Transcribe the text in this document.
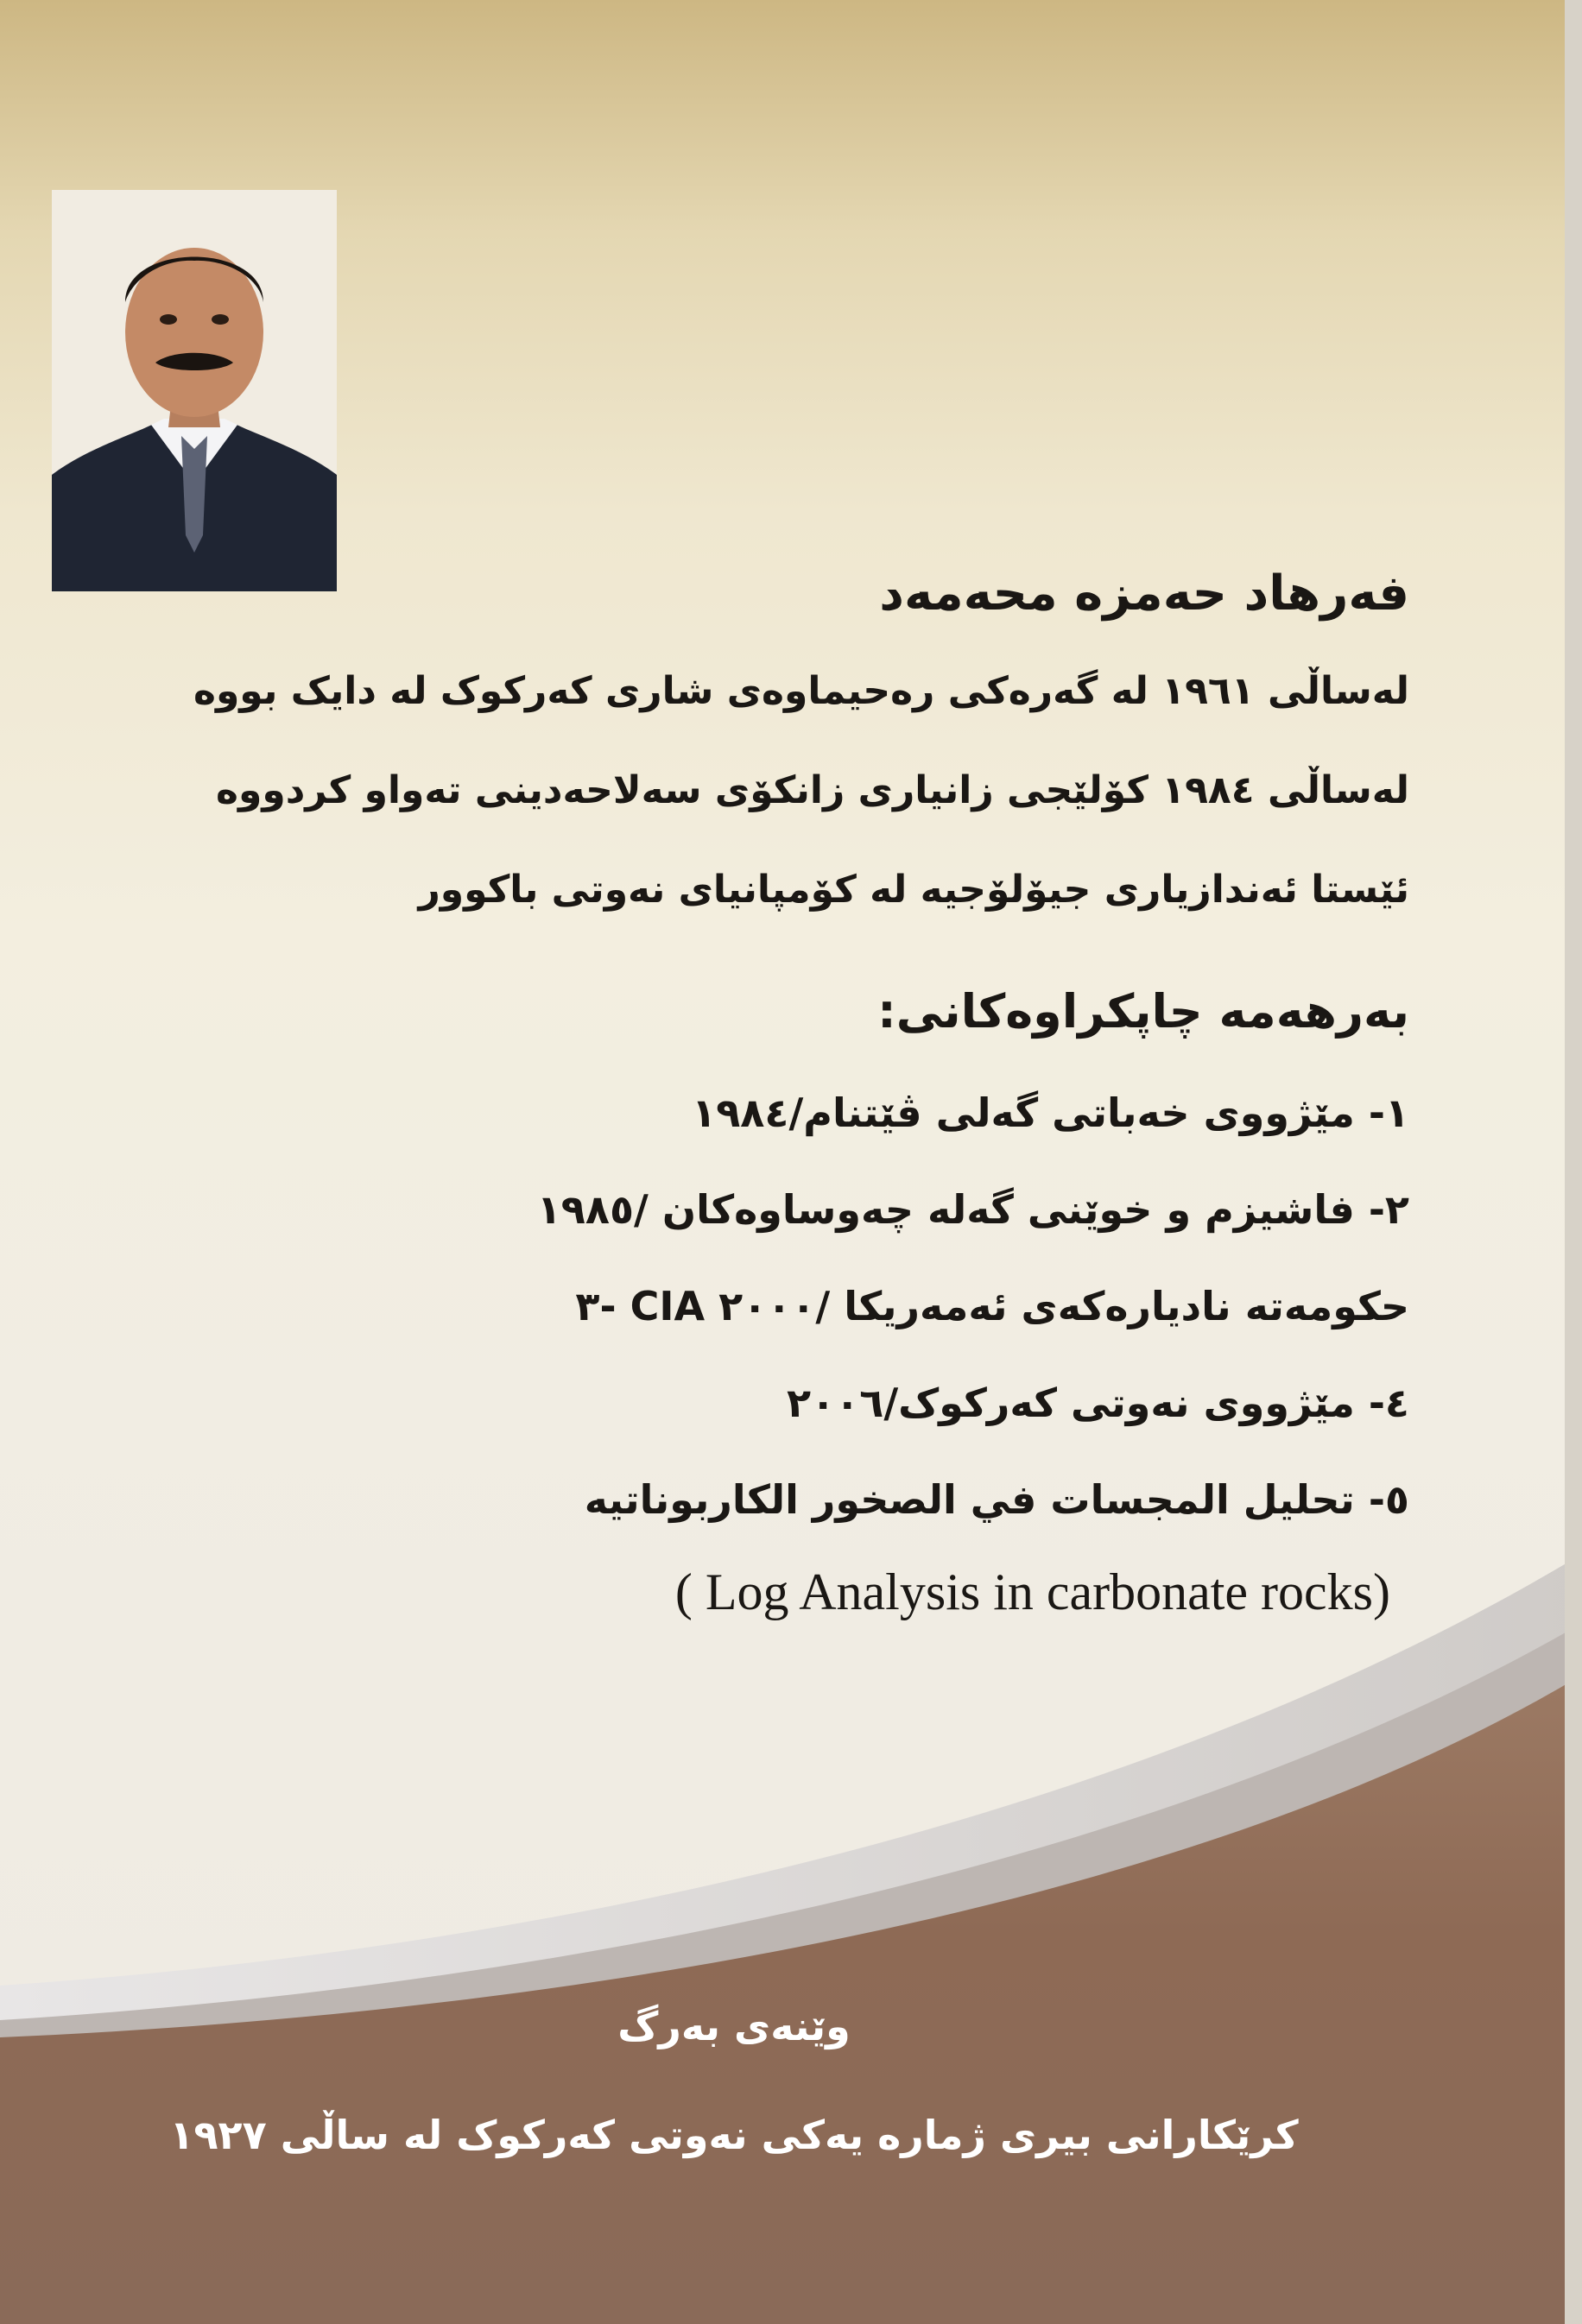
فەرهاد حەمزە محەمەد
لەساڵی ١٩٦١ لە گەرەکی رەحیماوەی شاری کەرکوک لە دایک بووە
لەساڵی ١٩٨٤ کۆلێجی زانیاری زانکۆی سەلاحەدینی تەواو کردووە
ئێستا ئەندازیاری جیۆلۆجیە لە کۆمپانیای نەوتی باکوور
بەرهەمە چاپکراوەکانی:
١- مێژووی خەباتی گەلی ڤێتنام/١٩٨٤
٢- فاشیزم و خوێنی گەلە چەوساوەکان /١٩٨٥
٣- CIA حکومەتە نادیارەکەی ئەمەریکا /٢٠٠٠
٤- مێژووی نەوتی کەرکوک/٢٠٠٦
٥- تحليل المجسات في الصخور الكاربوناتيه
( Log Analysis in carbonate rocks)
وێنەی بەرگ
کرێکارانی بیری ژمارە یەکی نەوتی کەرکوک لە ساڵی ١٩٢٧
